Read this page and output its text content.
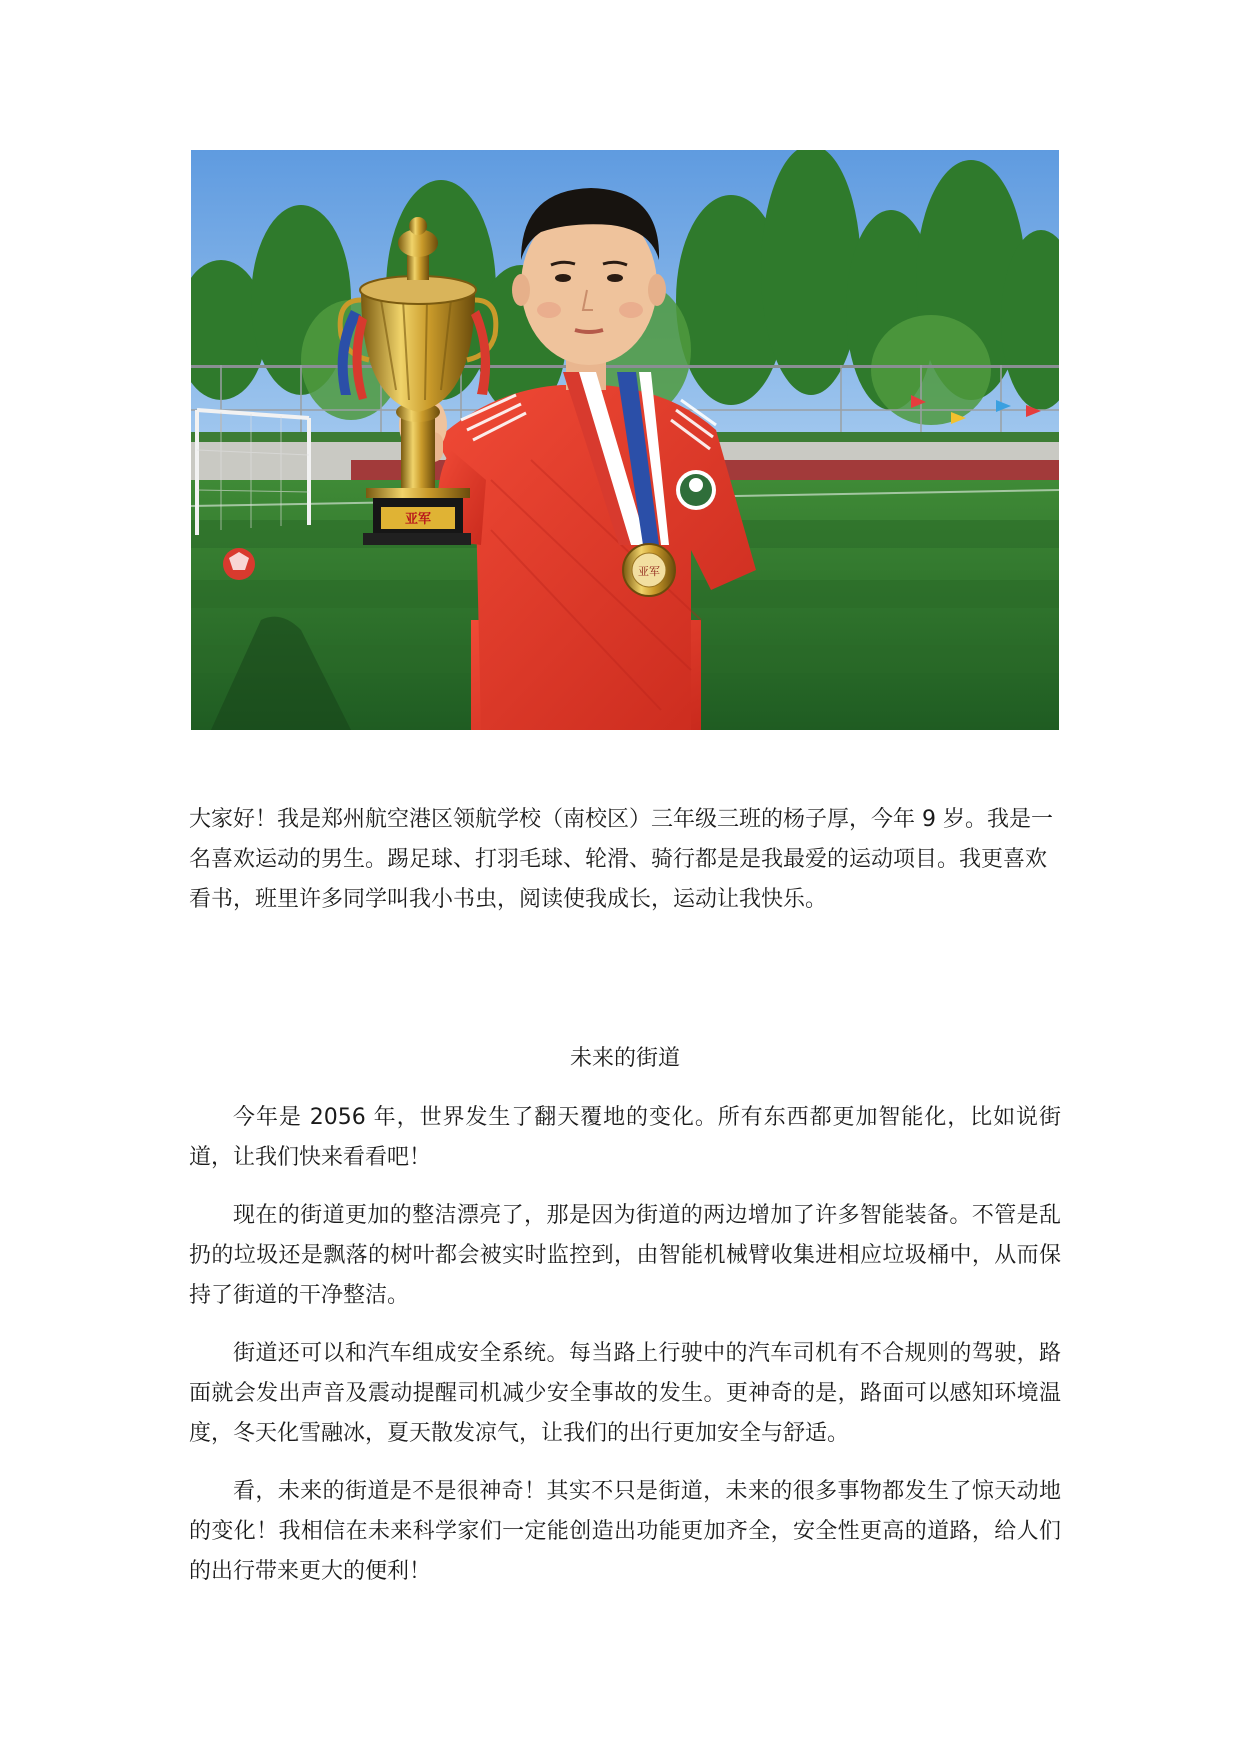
亚军
亚军

大家好！我是郑州航空港区领航学校（南校区）三年级三班的杨子厚，今年 9 岁。我是一名喜欢运动的男生。踢足球、打羽毛球、轮滑、骑行都是是我最爱的运动项目。我更喜欢看书，班里许多同学叫我小书虫，阅读使我成长，运动让我快乐。

未来的街道

今年是 2056 年，世界发生了翻天覆地的变化。所有东西都更加智能化，比如说街道，让我们快来看看吧！

现在的街道更加的整洁漂亮了，那是因为街道的两边增加了许多智能装备。不管是乱扔的垃圾还是飘落的树叶都会被实时监控到，由智能机械臂收集进相应垃圾桶中，从而保持了街道的干净整洁。

街道还可以和汽车组成安全系统。每当路上行驶中的汽车司机有不合规则的驾驶，路面就会发出声音及震动提醒司机减少安全事故的发生。更神奇的是，路面可以感知环境温度，冬天化雪融冰，夏天散发凉气，让我们的出行更加安全与舒适。

看，未来的街道是不是很神奇！其实不只是街道，未来的很多事物都发生了惊天动地的变化！我相信在未来科学家们一定能创造出功能更加齐全，安全性更高的道路，给人们的出行带来更大的便利！
